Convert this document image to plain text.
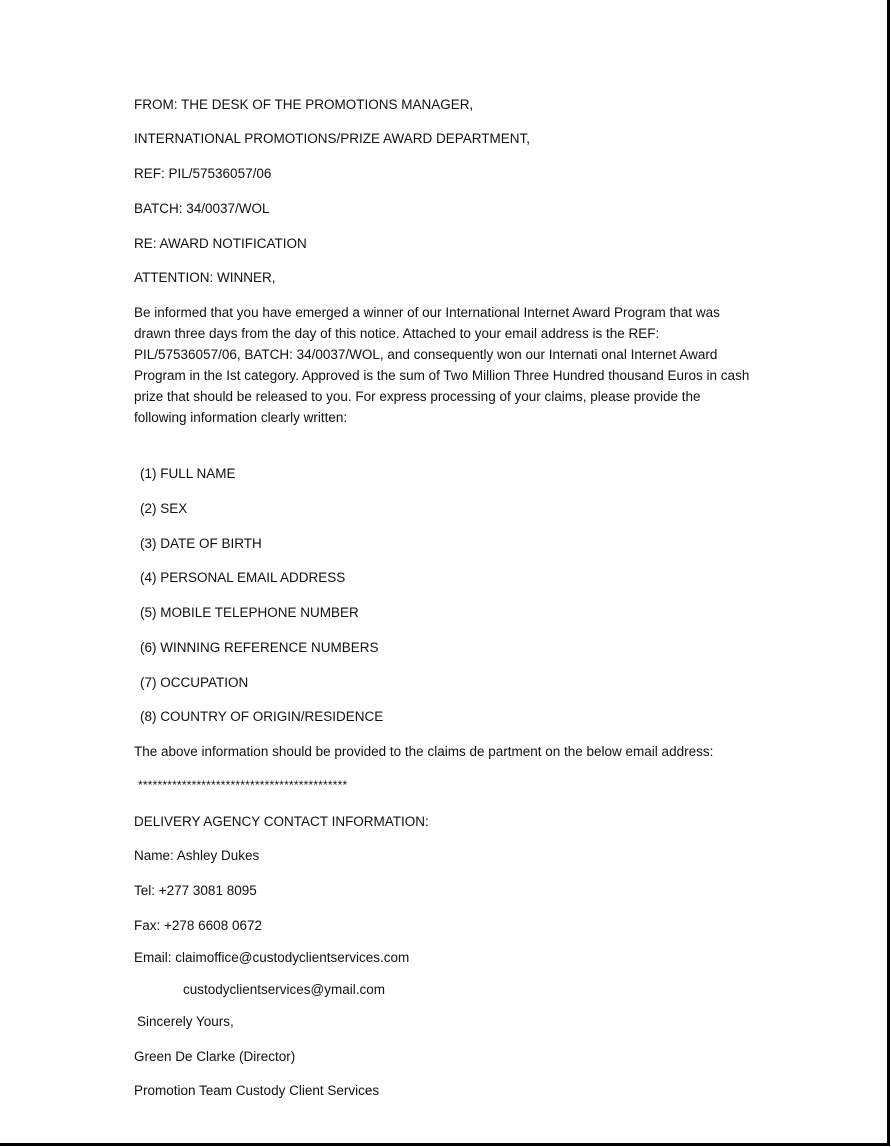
FROM: THE DESK OF THE PROMOTIONS MANAGER,
INTERNATIONAL PROMOTIONS/PRIZE AWARD DEPARTMENT,
REF: PIL/57536057/06
BATCH: 34/0037/WOL
RE: AWARD NOTIFICATION
ATTENTION: WINNER,
Be informed that you have emerged a winner of our International Internet Award Program that was drawn three days from the day of this notice. Attached to your email address is the REF: PIL/57536057/06, BATCH: 34/0037/WOL, and consequently won our Internati onal Internet Award Program in the Ist category. Approved is the sum of Two Million Three Hundred thousand Euros in cash prize that should be released to you. For express processing of your claims, please provide the following information clearly written:
(1) FULL NAME
(2) SEX
(3) DATE OF BIRTH
(4) PERSONAL EMAIL ADDRESS
(5) MOBILE TELEPHONE NUMBER
(6) WINNING REFERENCE NUMBERS
(7) OCCUPATION
(8) COUNTRY OF ORIGIN/RESIDENCE
The above information should be provided to the claims de partment on the below email address:
*******************************************
DELIVERY AGENCY CONTACT INFORMATION:
Name: Ashley Dukes
Tel: +277 3081 8095
Fax: +278 6608 0672
Email: claimoffice@custodyclientservices.com
custodyclientservices@ymail.com
Sincerely Yours,
Green De Clarke (Director)
Promotion Team Custody Client Services
